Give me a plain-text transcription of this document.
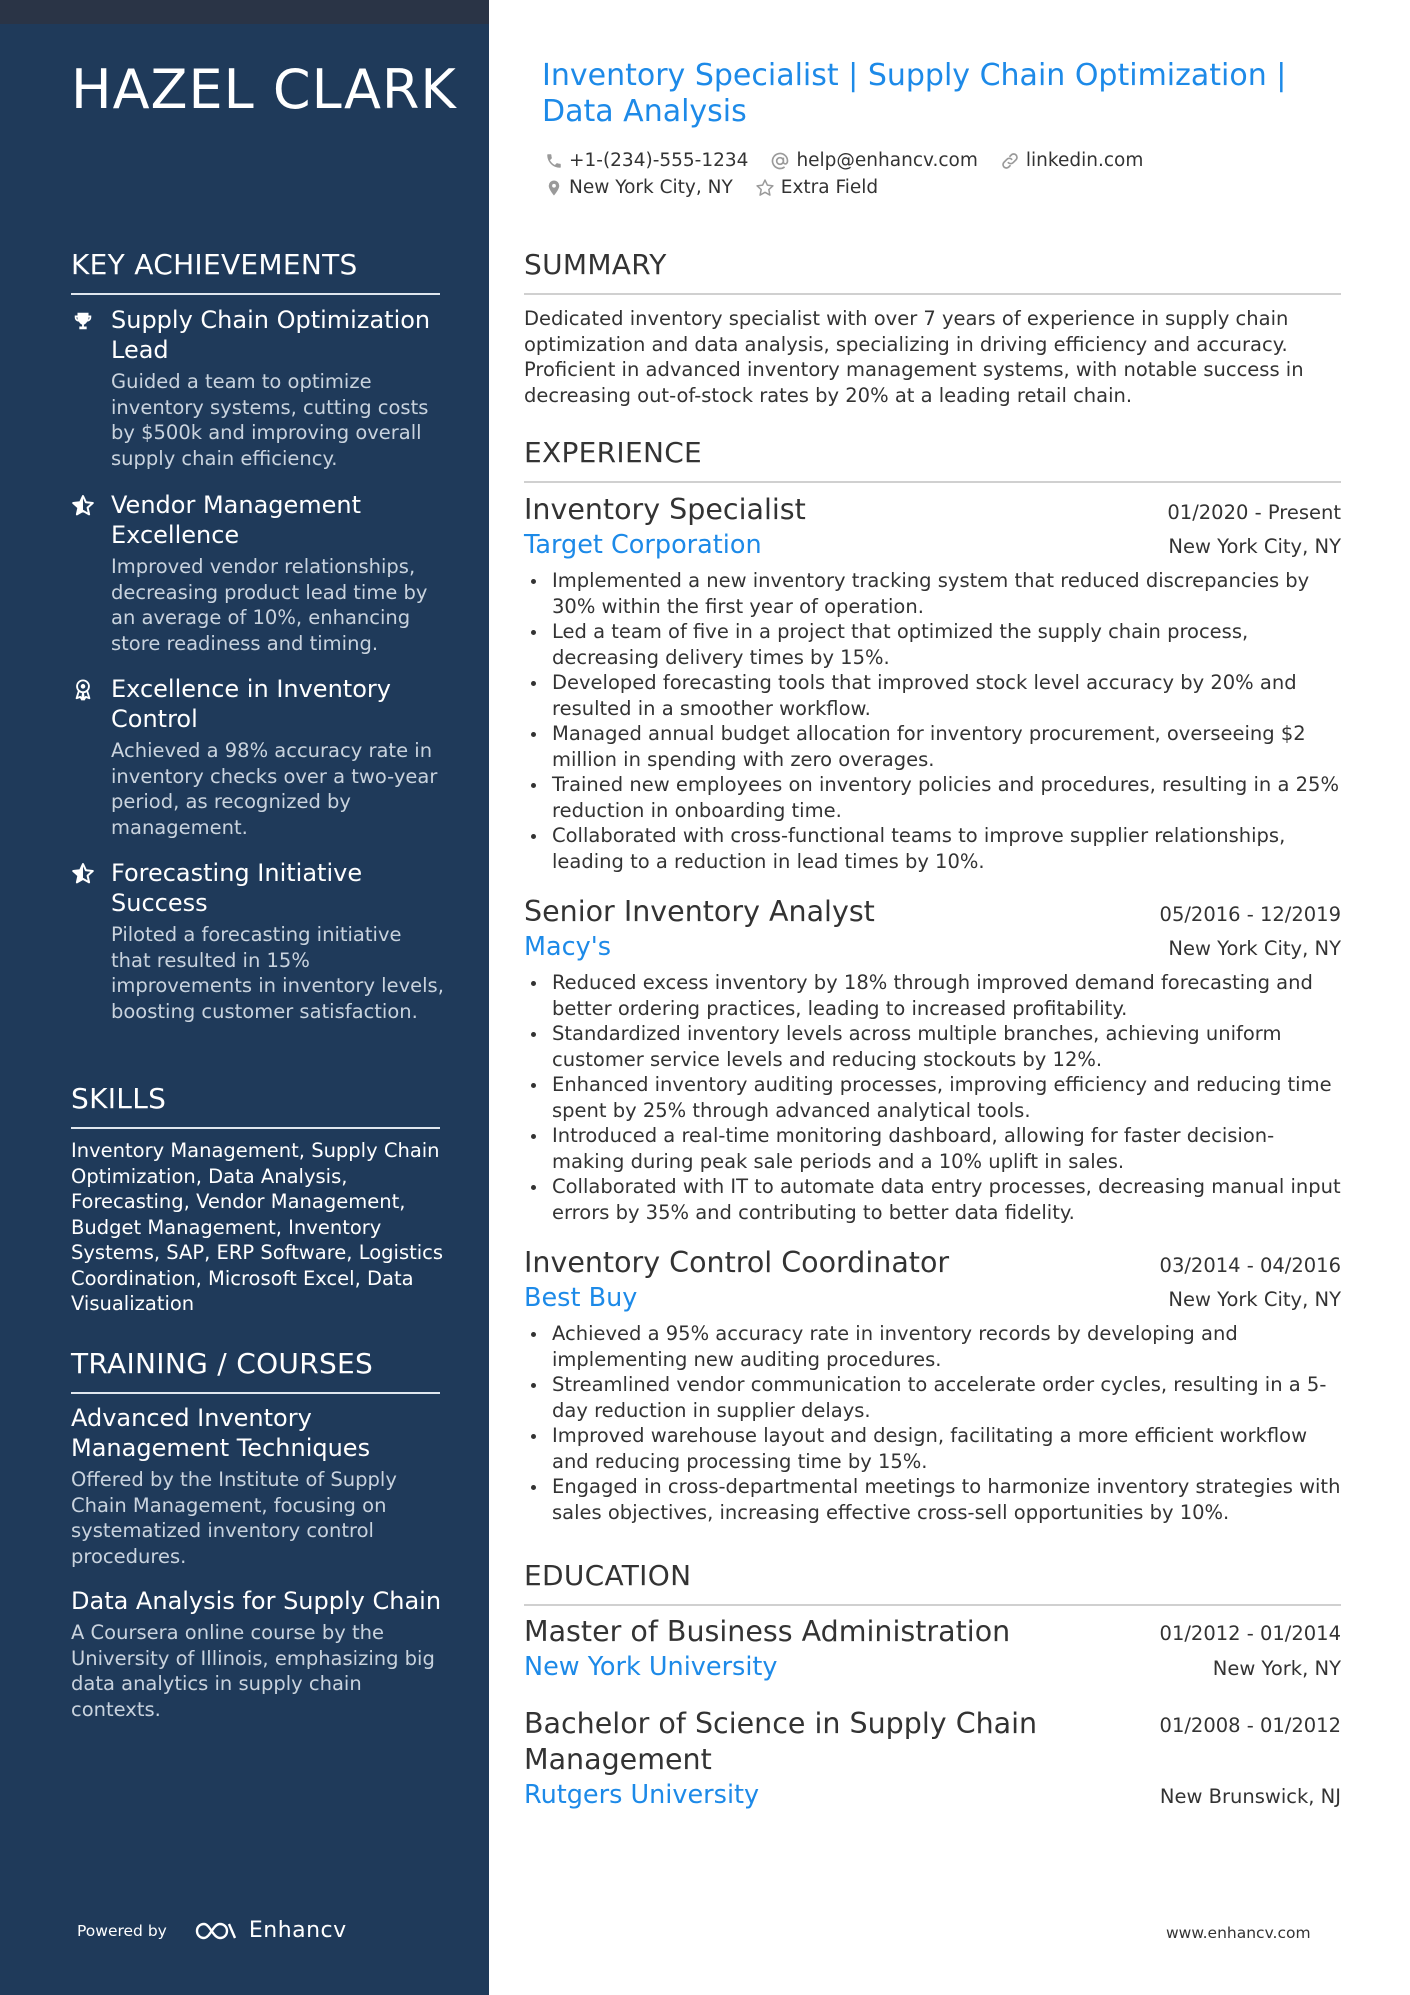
HAZEL CLARK
KEY ACHIEVEMENTS
Supply Chain Optimization Lead
Guided a team to optimize inventory systems, cutting costs by $500k and improving overall supply chain efficiency.
Vendor Management Excellence
Improved vendor relationships, decreasing product lead time by an average of 10%, enhancing store readiness and timing.
Excellence in Inventory Control
Achieved a 98% accuracy rate in inventory checks over a two-year period, as recognized by management.
Forecasting Initiative Success
Piloted a forecasting initiative that resulted in 15% improvements in inventory levels, boosting customer satisfaction.
SKILLS
Inventory Management, Supply Chain Optimization, Data Analysis, Forecasting, Vendor Management, Budget Management, Inventory Systems, SAP, ERP Software, Logistics Coordination, Microsoft Excel, Data Visualization
TRAINING / COURSES
Advanced Inventory Management Techniques
Offered by the Institute of Supply Chain Management, focusing on systematized inventory control procedures.
Data Analysis for Supply Chain
A Coursera online course by the University of Illinois, emphasizing big data analytics in supply chain contexts.
Powered by	Enhancv
Inventory Specialist | Supply Chain Optimization | Data Analysis
+1-(234)-555-1234	help@enhancv.com	linkedin.com
New York City, NY	Extra Field
SUMMARY
Dedicated inventory specialist with over 7 years of experience in supply chain optimization and data analysis, specializing in driving efficiency and accuracy. Proficient in advanced inventory management systems, with notable success in decreasing out-of-stock rates by 20% at a leading retail chain.
EXPERIENCE
Inventory Specialist	01/2020 - Present
Target Corporation	New York City, NY
Implemented a new inventory tracking system that reduced discrepancies by 30% within the first year of operation.
Led a team of five in a project that optimized the supply chain process, decreasing delivery times by 15%.
Developed forecasting tools that improved stock level accuracy by 20% and resulted in a smoother workflow.
Managed annual budget allocation for inventory procurement, overseeing $2 million in spending with zero overages.
Trained new employees on inventory policies and procedures, resulting in a 25% reduction in onboarding time.
Collaborated with cross-functional teams to improve supplier relationships, leading to a reduction in lead times by 10%.
Senior Inventory Analyst	05/2016 - 12/2019
Macy's	New York City, NY
Reduced excess inventory by 18% through improved demand forecasting and better ordering practices, leading to increased profitability.
Standardized inventory levels across multiple branches, achieving uniform customer service levels and reducing stockouts by 12%.
Enhanced inventory auditing processes, improving efficiency and reducing time spent by 25% through advanced analytical tools.
Introduced a real-time monitoring dashboard, allowing for faster decision-making during peak sale periods and a 10% uplift in sales.
Collaborated with IT to automate data entry processes, decreasing manual input errors by 35% and contributing to better data fidelity.
Inventory Control Coordinator	03/2014 - 04/2016
Best Buy	New York City, NY
Achieved a 95% accuracy rate in inventory records by developing and implementing new auditing procedures.
Streamlined vendor communication to accelerate order cycles, resulting in a 5-day reduction in supplier delays.
Improved warehouse layout and design, facilitating a more efficient workflow and reducing processing time by 15%.
Engaged in cross-departmental meetings to harmonize inventory strategies with sales objectives, increasing effective cross-sell opportunities by 10%.
EDUCATION
Master of Business Administration	01/2012 - 01/2014
New York University	New York, NY
Bachelor of Science in Supply Chain Management
01/2008 - 01/2012
Rutgers University	New Brunswick, NJ
www.enhancv.com
